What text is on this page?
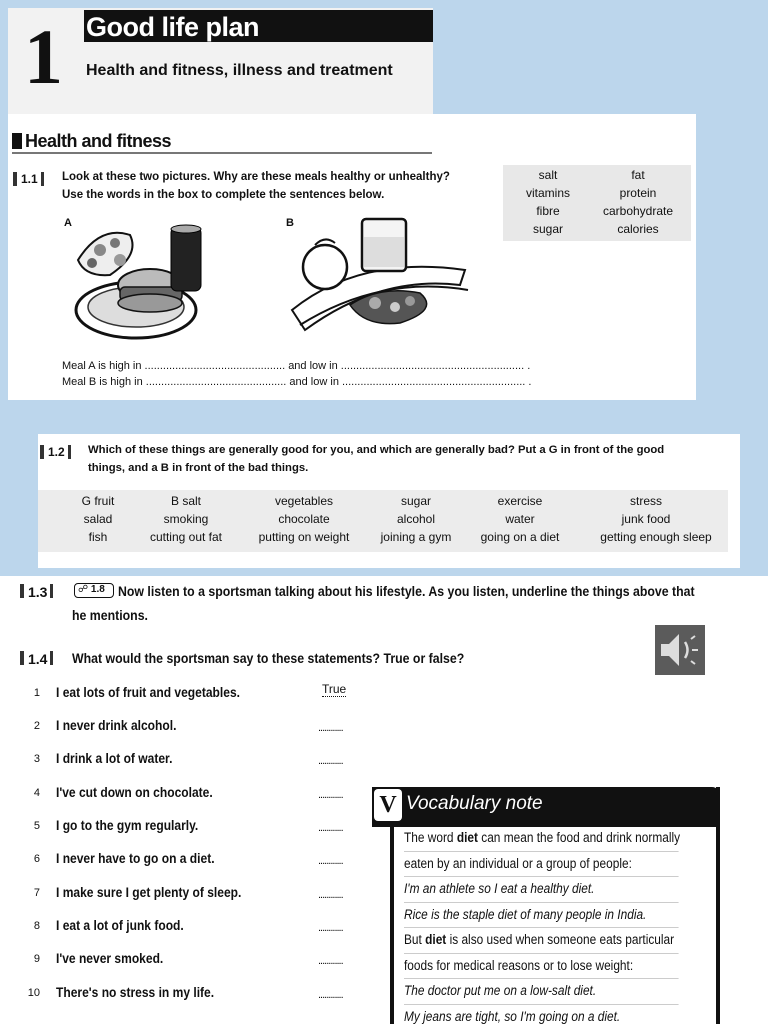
1 Good life plan
Health and fitness, illness and treatment
Health and fitness
1.1 Look at these two pictures. Why are these meals healthy or unhealthy?
Use the words in the box to complete the sentences below.
salt	fat
vitamins	protein
fibre	carbohydrate
sugar	calories
A	B
Meal A is high in .............................................. and low in ............................................................ .
Meal B is high in .............................................. and low in ............................................................ .
1.2 Which of these things are generally good for you, and which are generally bad? Put a G in front of the good
things, and a B in front of the bad things.
G fruit	B salt	vegetables	sugar	exercise	stress
salad	smoking	chocolate	alcohol	water	junk food
fish	cutting out fat	putting on weight	joining a gym	going on a diet	getting enough sleep
1.3	☍ 1.8 Now listen to a sportsman talking about his lifestyle. As you listen, underline the things above that
he mentions.
1.4 What would the sportsman say to these statements? True or false?
1 I eat lots of fruit and vegetables.	True
2 I never drink alcohol.	............
3 I drink a lot of water.	............
4 I've cut down on chocolate.	............
5 I go to the gym regularly.	............
6 I never have to go on a diet.	............
7 I make sure I get plenty of sleep.	............
8 I eat a lot of junk food.	............
9 I've never smoked.	............
10 There's no stress in my life.	............
V Vocabulary note
The word diet can mean the food and drink normally
eaten by an individual or a group of people:
I'm an athlete so I eat a healthy diet.
Rice is the staple diet of many people in India.
But diet is also used when someone eats particular
foods for medical reasons or to lose weight:
The doctor put me on a low-salt diet.
My jeans are tight, so I'm going on a diet.
